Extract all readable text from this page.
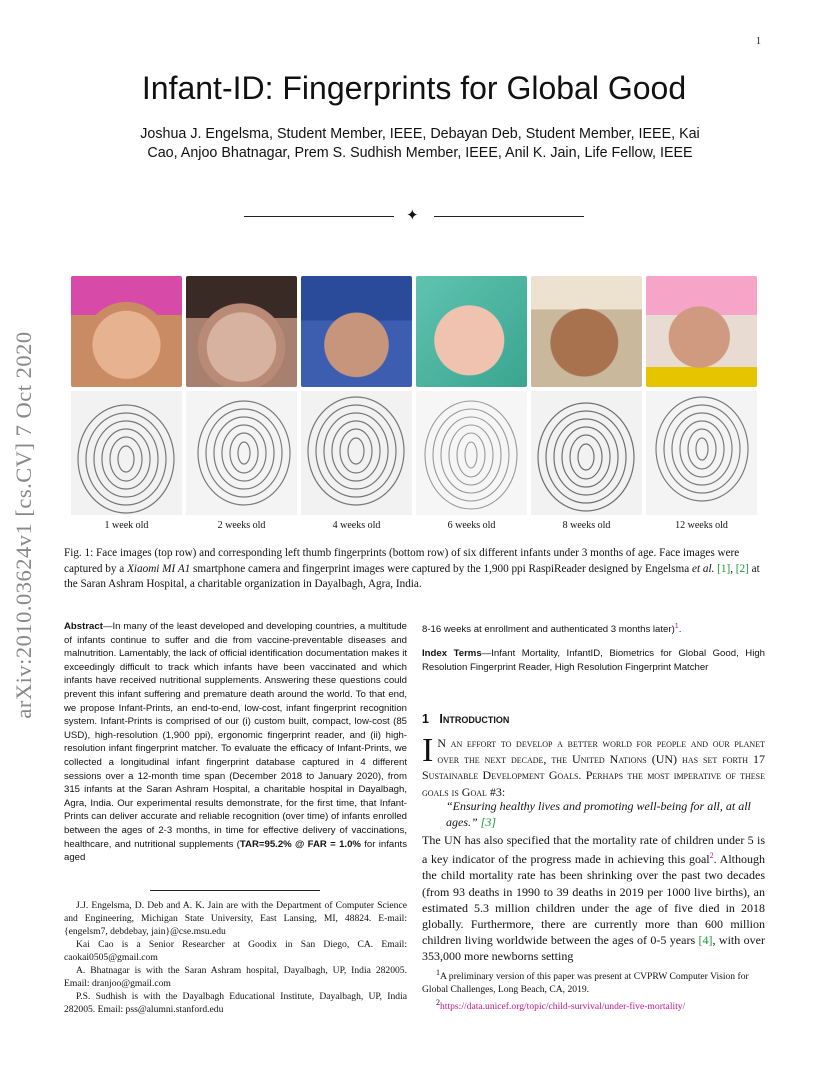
1
arXiv:2010.03624v1 [cs.CV] 7 Oct 2020
Infant-ID: Fingerprints for Global Good
Joshua J. Engelsma, Student Member, IEEE, Debayan Deb, Student Member, IEEE, Kai Cao, Anjoo Bhatnagar, Prem S. Sudhish Member, IEEE, Anil K. Jain, Life Fellow, IEEE
✦
1 week old	2 weeks old	4 weeks old	6 weeks old	8 weeks old	12 weeks old
Fig. 1: Face images (top row) and corresponding left thumb fingerprints (bottom row) of six different infants under 3 months of age. Face images were captured by a Xiaomi MI A1 smartphone camera and fingerprint images were captured by the 1,900 ppi RaspiReader designed by Engelsma et al. [1], [2] at the Saran Ashram Hospital, a charitable organization in Dayalbagh, Agra, India.
Abstract—In many of the least developed and developing countries, a multitude of infants continue to suffer and die from vaccine-preventable diseases and malnutrition. Lamentably, the lack of official identification documentation makes it exceedingly difficult to track which infants have been vaccinated and which infants have received nutritional supplements. Answering these questions could prevent this infant suffering and premature death around the world. To that end, we propose Infant-Prints, an end-to-end, low-cost, infant fingerprint recognition system. Infant-Prints is comprised of our (i) custom built, compact, low-cost (85 USD), high-resolution (1,900 ppi), ergonomic fingerprint reader, and (ii) high-resolution infant fingerprint matcher. To evaluate the efficacy of Infant-Prints, we collected a longitudinal infant fingerprint database captured in 4 different sessions over a 12-month time span (December 2018 to January 2020), from 315 infants at the Saran Ashram Hospital, a charitable hospital in Dayalbagh, Agra, India. Our experimental results demonstrate, for the first time, that Infant-Prints can deliver accurate and reliable recognition (over time) of infants enrolled between the ages of 2-3 months, in time for effective delivery of vaccinations, healthcare, and nutritional supplements (TAR=95.2% @ FAR = 1.0% for infants aged
8-16 weeks at enrollment and authenticated 3 months later)$^1$.
Index Terms—Infant Mortality, InfantID, Biometrics for Global Good, High Resolution Fingerprint Reader, High Resolution Fingerprint Matcher

J.J. Engelsma, D. Deb and A. K. Jain are with the Department of Computer Science and Engineering, Michigan State University, East Lansing, MI, 48824. E-mail: {engelsm7, debdebay, jain}@cse.msu.edu

Kai Cao is a Senior Researcher at Goodix in San Diego, CA. Email: caokai0505@gmail.com

A. Bhatnagar is with the Saran Ashram hospital, Dayalbagh, UP, India 282005. Email: dranjoo@gmail.com

P.S. Sudhish is with the Dayalbagh Educational Institute, Dayalbagh, UP, India 282005. Email: pss@alumni.stanford.edu

1 Introduction
I N an effort to develop a better world for people and our planet over the next decade, the United Nations (UN) has set forth 17 Sustainable Development Goals. Perhaps the most imperative of these goals is Goal #3:
“Ensuring healthy lives and promoting well-being for all, at all ages.” [3]
The UN has also specified that the mortality rate of children under 5 is a key indicator of the progress made in achieving this goal$^2$. Although the child mortality rate has been shrinking over the past two decades (from 93 deaths in 1990 to 39 deaths in 2019 per 1000 live births), an estimated 5.3 million children under the age of five died in 2018 globally. Furthermore, there are currently more than 600 million children living worldwide between the ages of 0-5 years [4], with over 353,000 more newborns setting

$^1$A preliminary version of this paper was present at CVPRW Computer Vision for Global Challenges, Long Beach, CA, 2019.

$^2$https://data.unicef.org/topic/child-survival/under-five-mortality/
